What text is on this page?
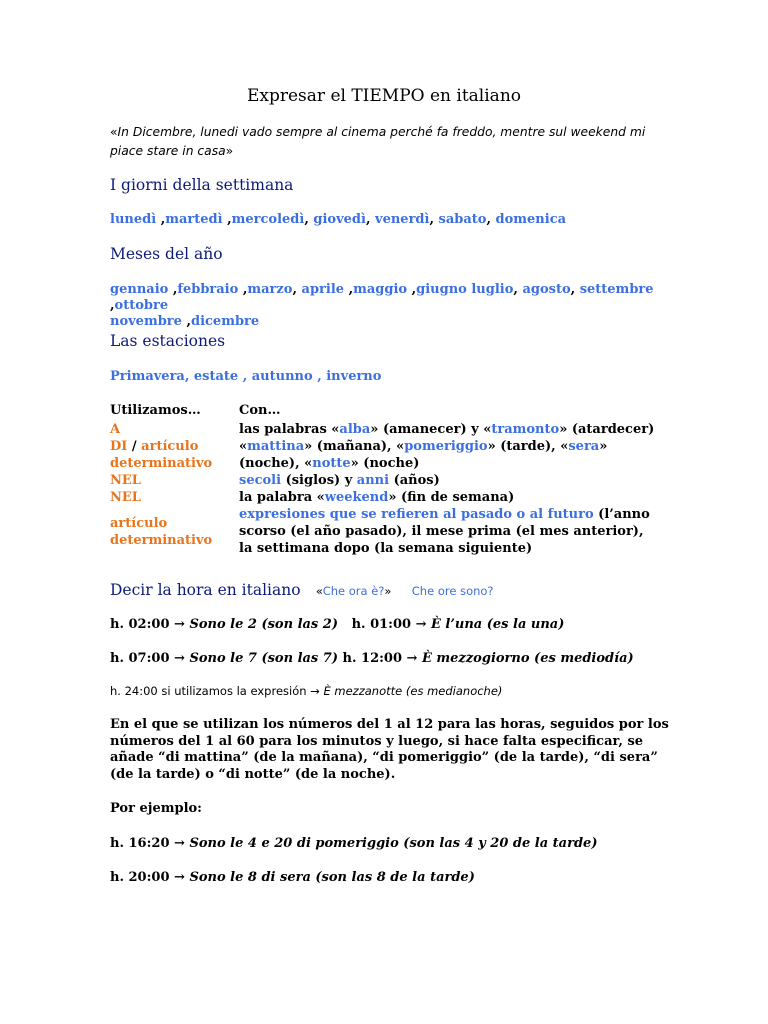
Expresar el TIEMPO en italiano
«In Dicembre, lunedi vado sempre al cinema perché fa freddo, mentre sul weekend mi piace stare in casa»
I giorni della settimana
lunedì ,martedì ,mercoledì, giovedì, venerdì, sabato, domenica
Meses del año
gennaio ,febbraio ,marzo, aprile ,maggio ,giugno luglio, agosto, settembre ,ottobre
novembre ,dicembre
Las estaciones
Primavera, estate , autunno , inverno
Utilizamos…	Con…
A	las palabras «alba» (amanecer) y «tramonto» (atardecer)
DI / artículo determinativo	«mattina» (mañana), «pomeriggio» (tarde), «sera» (noche), «notte» (noche)
NEL	secoli (siglos) y anni (años)
NEL	la palabra «weekend» (fin de semana)
artículo determinativo	expresiones que se refieren al pasado o al futuro (l’anno scorso (el año pasado), il mese prima (el mes anterior), la settimana dopo (la semana siguiente)
Decir la hora en italiano «Che ora è?» Che ore sono?
h. 02:00 → Sono le 2 (son las 2) h. 01:00 → È l’una (es la una)
h. 07:00 → Sono le 7 (son las 7) h. 12:00 → È mezzogiorno (es mediodía)
h. 24:00 si utilizamos la expresión → È mezzanotte (es medianoche)
En el que se utilizan los números del 1 al 12 para las horas, seguidos por los números del 1 al 60 para los minutos y luego, si hace falta especificar, se añade “di mattina” (de la mañana), “di pomeriggio” (de la tarde), “di sera” (de la tarde) o “di notte” (de la noche).
Por ejemplo:
h. 16:20 → Sono le 4 e 20 di pomeriggio (son las 4 y 20 de la tarde)
h. 20:00 → Sono le 8 di sera (son las 8 de la tarde)
